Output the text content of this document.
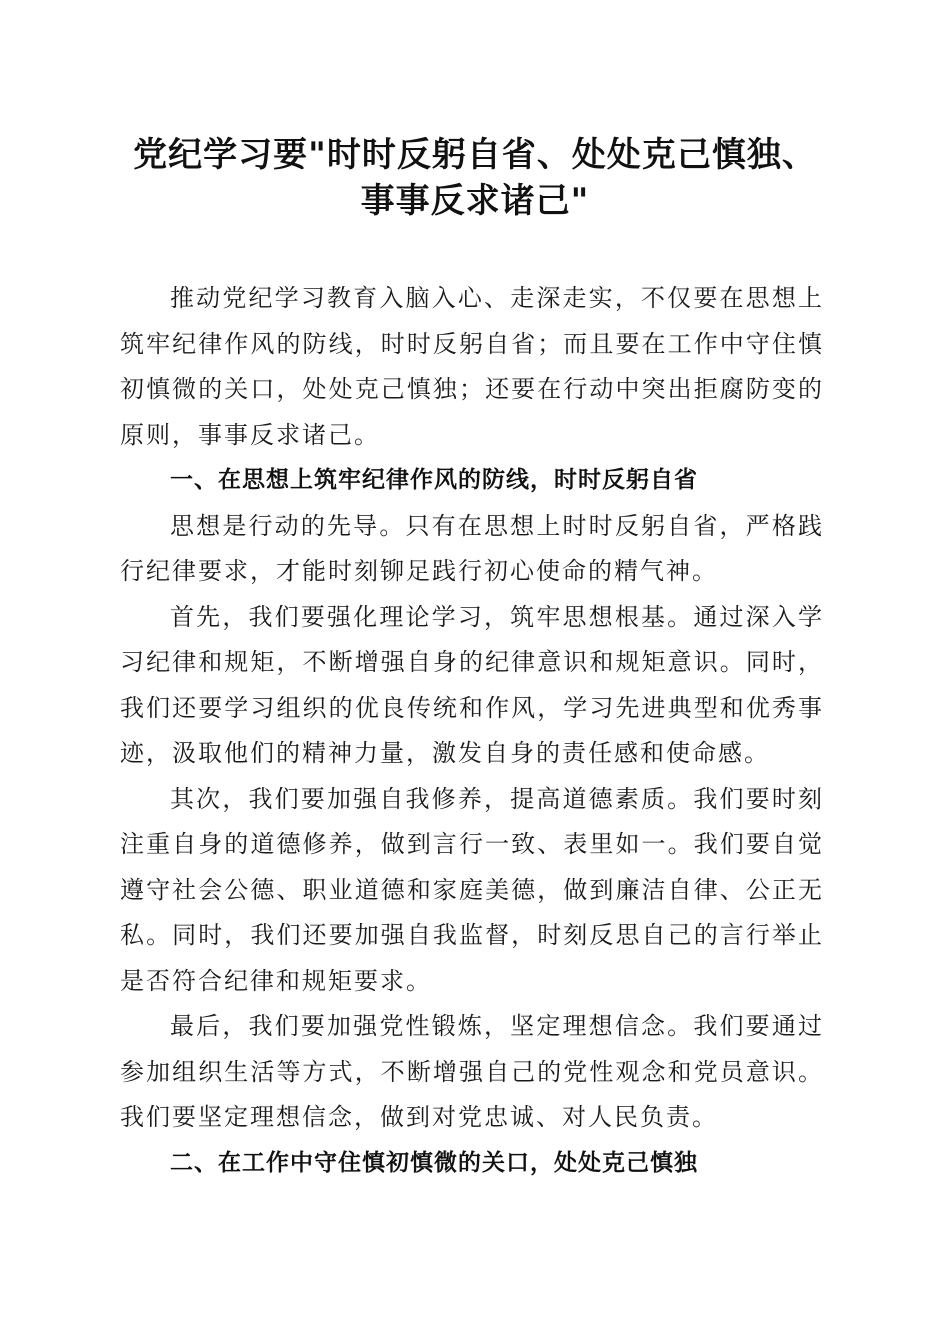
党纪学习要"时时反躬自省、处处克己慎独、
事事反求诸己"

推动党纪学习教育入脑入心、走深走实，不仅要在思想上筑牢纪律作风的防线，时时反躬自省；而且要在工作中守住慎初慎微的关口，处处克己慎独；还要在行动中突出拒腐防变的原则，事事反求诸己。

一、在思想上筑牢纪律作风的防线，时时反躬自省

思想是行动的先导。只有在思想上时时反躬自省，严格践行纪律要求，才能时刻铆足践行初心使命的精气神。

首先，我们要强化理论学习，筑牢思想根基。通过深入学习纪律和规矩，不断增强自身的纪律意识和规矩意识。同时，我们还要学习组织的优良传统和作风，学习先进典型和优秀事迹，汲取他们的精神力量，激发自身的责任感和使命感。

其次，我们要加强自我修养，提高道德素质。我们要时刻注重自身的道德修养，做到言行一致、表里如一。我们要自觉遵守社会公德、职业道德和家庭美德，做到廉洁自律、公正无私。同时，我们还要加强自我监督，时刻反思自己的言行举止是否符合纪律和规矩要求。

最后，我们要加强党性锻炼，坚定理想信念。我们要通过参加组织生活等方式，不断增强自己的党性观念和党员意识。我们要坚定理想信念，做到对党忠诚、对人民负责。

二、在工作中守住慎初慎微的关口，处处克己慎独
